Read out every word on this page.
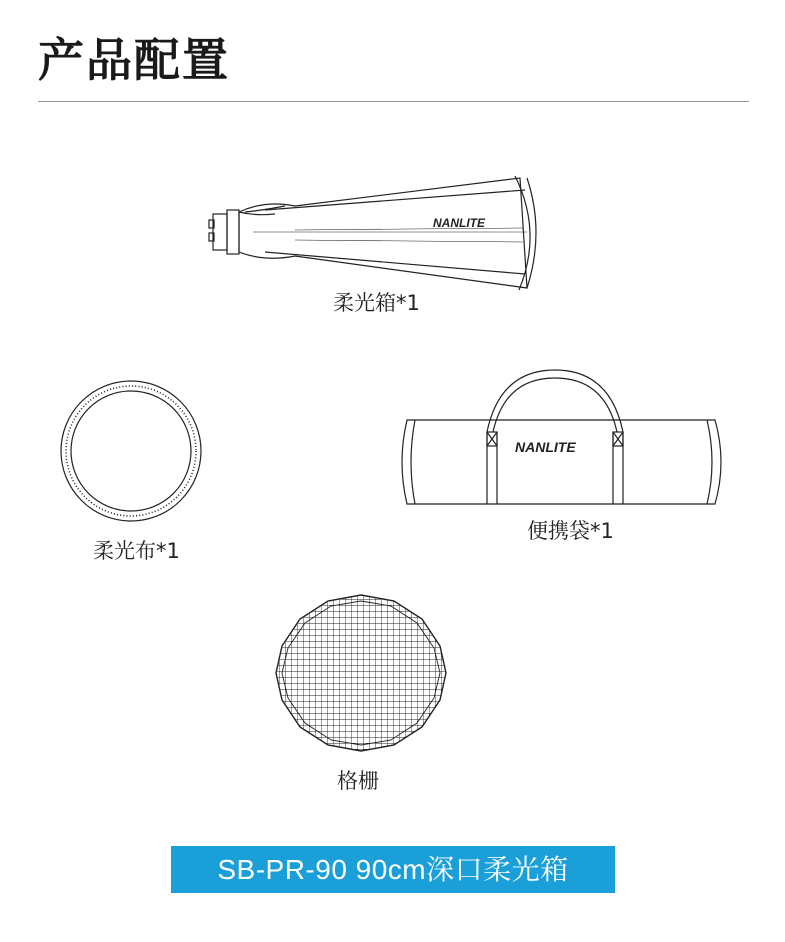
产品配置
NANLITE
柔光箱*1
柔光布*1
NANLITE
便携袋*1
格栅
SB-PR-90 90cm深口柔光箱
